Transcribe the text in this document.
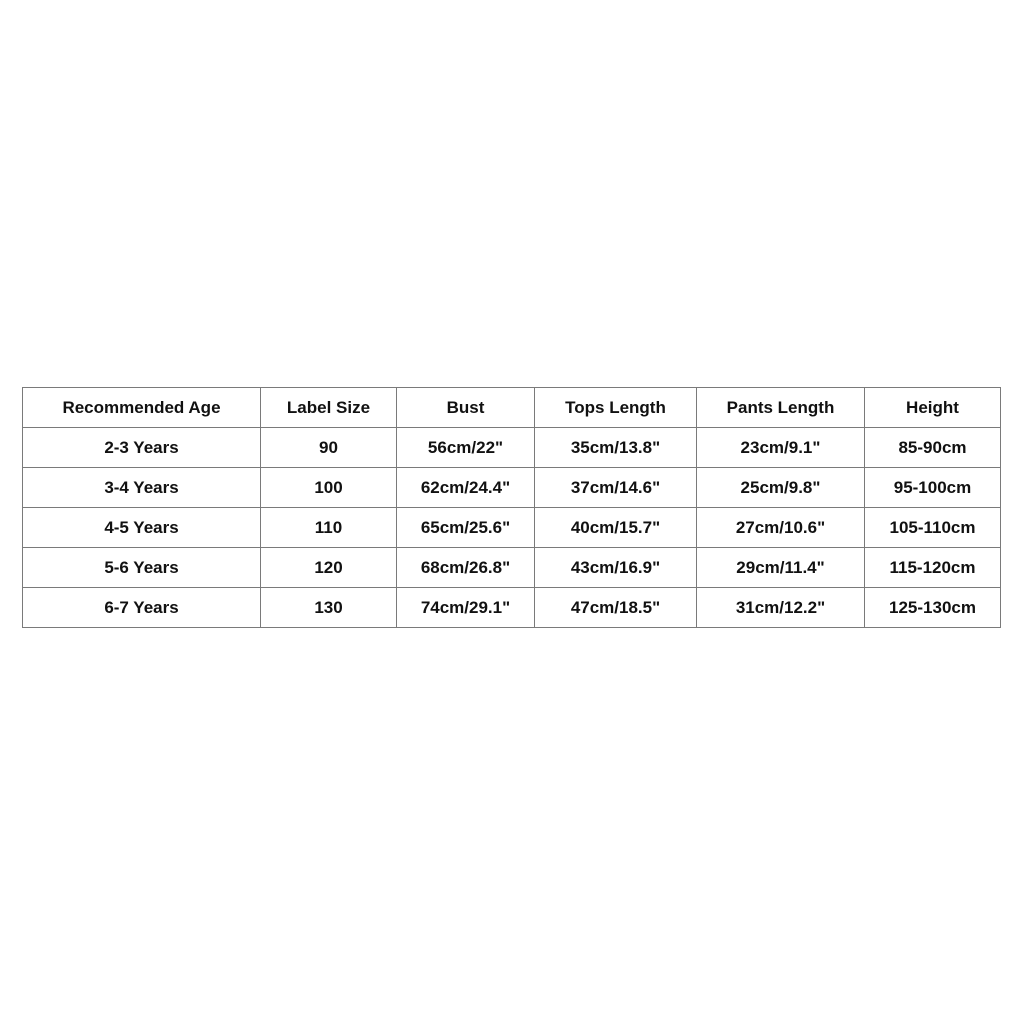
Recommended Age	Label Size	Bust	Tops Length	Pants Length	Height
2-3 Years	90	56cm/22"	35cm/13.8"	23cm/9.1"	85-90cm
3-4 Years	100	62cm/24.4"	37cm/14.6"	25cm/9.8"	95-100cm
4-5 Years	110	65cm/25.6"	40cm/15.7"	27cm/10.6"	105-110cm
5-6 Years	120	68cm/26.8"	43cm/16.9"	29cm/11.4"	115-120cm
6-7 Years	130	74cm/29.1"	47cm/18.5"	31cm/12.2"	125-130cm
